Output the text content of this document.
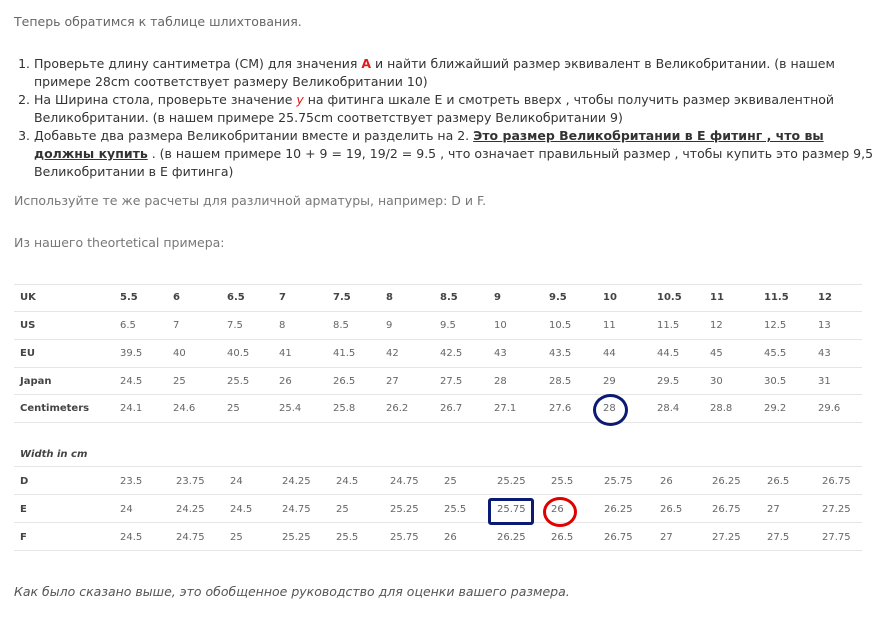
Теперь обратимся к таблице шлихтования.
1. Проверьте длину сантиметра (CM) для значения А и найти ближайший размер эквивалент в Великобритании. (в нашем примере 28cm соответствует размеру Великобритании 10)
2. На Ширина стола, проверьте значение у на фитинга шкале E и смотреть вверх , чтобы получить размер эквивалентной Великобритании. (в нашем примере 25.75cm соответствует размеру Великобритании 9)
3. Добавьте два размера Великобритании вместе и разделить на 2. Это размер Великобритании в Е фитинг , что вы должны купить . (в нашем примере 10 + 9 = 19, 19/2 = 9.5 , что означает правильный размер , чтобы купить это размер 9,5 Великобритании в Е фитинга)
Используйте те же расчеты для различной арматуры, например: D и F.
Из нашего theortetical примера:
UK	5.5	6	6.5	7	7.5	8	8.5	9	9.5	10	10.5	11	11.5	12
US	6.5	7	7.5	8	8.5	9	9.5	10	10.5	11	11.5	12	12.5	13
EU	39.5	40	40.5	41	41.5	42	42.5	43	43.5	44	44.5	45	45.5	43
Japan	24.5	25	25.5	26	26.5	27	27.5	28	28.5	29	29.5	30	30.5	31
Centimeters	24.1	24.6	25	25.4	25.8	26.2	26.7	27.1	27.6	28	28.4	28.8	29.2	29.6
Width in cm
D	23.5	23.75	24	24.25	24.5	24.75	25	25.25	25.5	25.75	26	26.25	26.5	26.75
E	24	24.25	24.5	24.75	25	25.25	25.5	25.75	26	26.25	26.5	26.75	27	27.25
F	24.5	24.75	25	25.25	25.5	25.75	26	26.25	26.5	26.75	27	27.25	27.5	27.75
Как было сказано выше, это обобщенное руководство для оценки вашего размера.
